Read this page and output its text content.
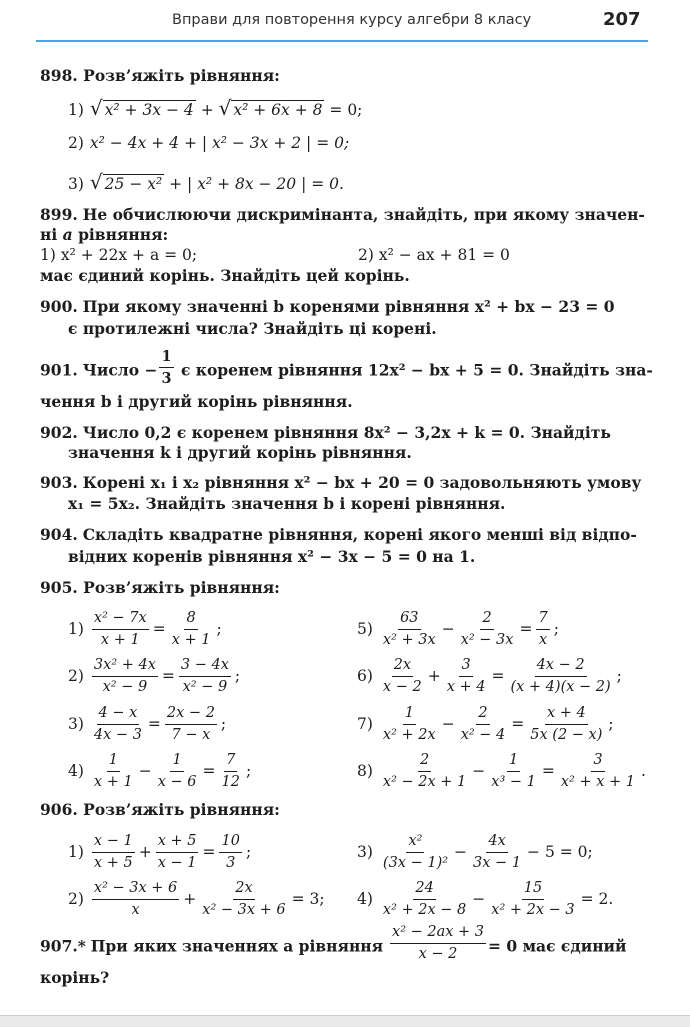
Вправи для повторення курсу алгебри 8 класу	207
898. Розв’яжіть рівняння:
1) √ x² + 3x − 4 + √ x² + 6x + 8 = 0;
2) x² − 4x + 4 + | x² − 3x + 2 | = 0;
3) √ 25 − x² + | x² + 8x − 20 | = 0.
899. Не обчислюючи дискримінанта, знайдіть, при якому значен-
ні a рівняння:
1) x² + 22x + a = 0;	2) x² − ax + 81 = 0
має єдиний корінь. Знайдіть цей корінь.
900. При якому значенні b коренями рівняння x² + bx − 23 = 0
є протилежні числа? Знайдіть ці корені.
901. Число − $\frac{1}{3}$ є коренем рівняння 12x² − bx + 5 = 0. Знайдіть зна-
чення b і другий корінь рівняння.
902. Число 0,2 є коренем рівняння 8x² − 3,2x + k = 0. Знайдіть
значення k і другий корінь рівняння.
903. Корені x₁ і x₂ рівняння x² − bx + 20 = 0 задовольняють умову
x₁ = 5x₂. Знайдіть значення b і корені рівняння.
904. Складіть квадратне рівняння, корені якого менші від відпо-
відних коренів рівняння x² − 3x − 5 = 0 на 1.
905. Розв’яжіть рівняння:
$1) \frac{\text{x² − 7x}}{x + 1} = \frac{8}{x + 1}$ ;
$2) \frac{\text{3x² + 4x}}{\text{x² − 9}} = \frac{3 - 4x}{\text{x² − 9}}$ ;
$3) \frac{4 - x}{4x - 3} = \frac{2x - 2}{7 - x}$ ;
$4) \frac{1}{x + 1} - \frac{1}{x - 6} = \frac{7}{12}$ ;
$5) \frac{63}{\text{x² + 3x}} - \frac{2}{\text{x² − 3x}} = \frac{7}{x}$ ;
$6) \frac{2x}{x - 2} + \frac{3}{x + 4} = \frac{4x - 2}{(x + 4)(x - 2)}$ ;
$7) \frac{1}{\text{x² + 2x}} - \frac{2}{\text{x² − 4}} = \frac{x + 4}{5x (2 - x)}$ ;
$8) \frac{2}{\text{x² − 2x + 1}} - \frac{1}{\text{x³ − 1}} = \frac{3}{\text{x² + x + 1}}$ .
906. Розв’яжіть рівняння:
$1) \frac{x - 1}{x + 5} + \frac{x + 5}{x - 1} = \frac{10}{3}$ ;
$2) \frac{\text{x² − 3x + 6}}{x} + \frac{2x}{\text{x² − 3x + 6}} = 3$;
$3) \frac{\text{x²}}{\text{(3x − 1)²}} - \frac{4x}{3x - 1} - 5 = 0$;
$4) \frac{24}{\text{x² + 2x − 8}} - \frac{15}{\text{x² + 2x − 3}} = 2$.
907.* При яких значеннях a рівняння $\frac{\text{x² − 2ax + 3}}{x - 2} = 0$ має єдиний
корінь?
